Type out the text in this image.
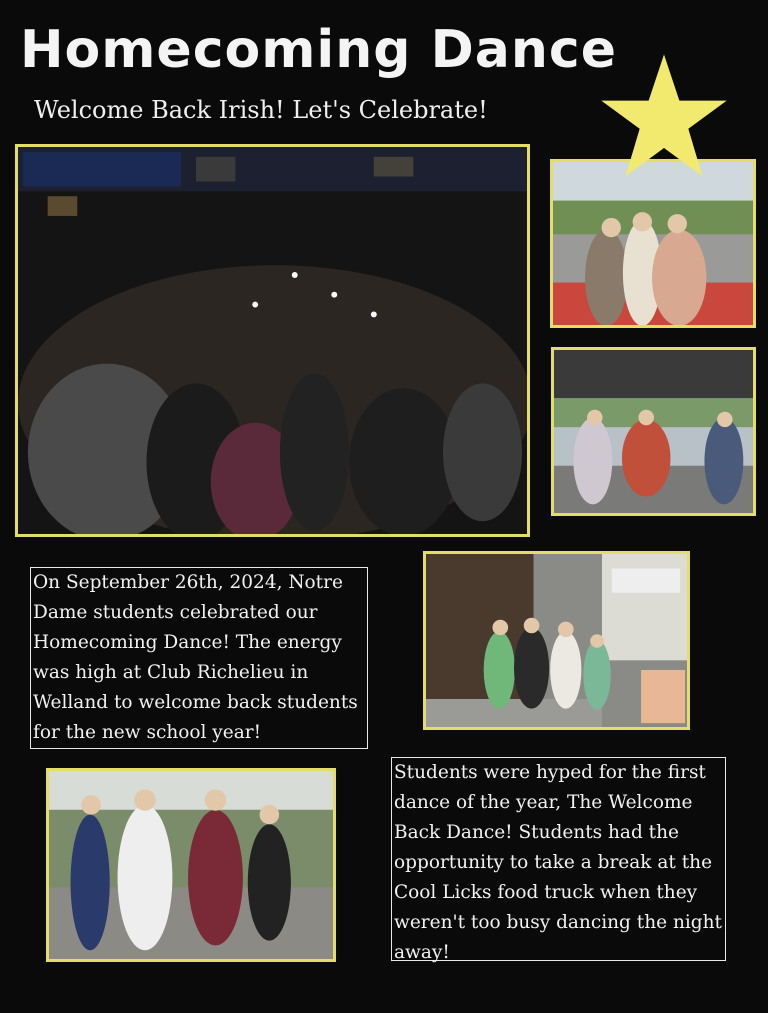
Homecoming Dance

Welcome Back Irish! Let's Celebrate!

On September 26th, 2024, Notre Dame students celebrated our Homecoming Dance! The energy was high at Club Richelieu in Welland to welcome back students for the new school year!

Students were hyped for the first dance of the year, The Welcome Back Dance! Students had the opportunity to take a break at the Cool Licks food truck when they weren't too busy dancing the night away!
